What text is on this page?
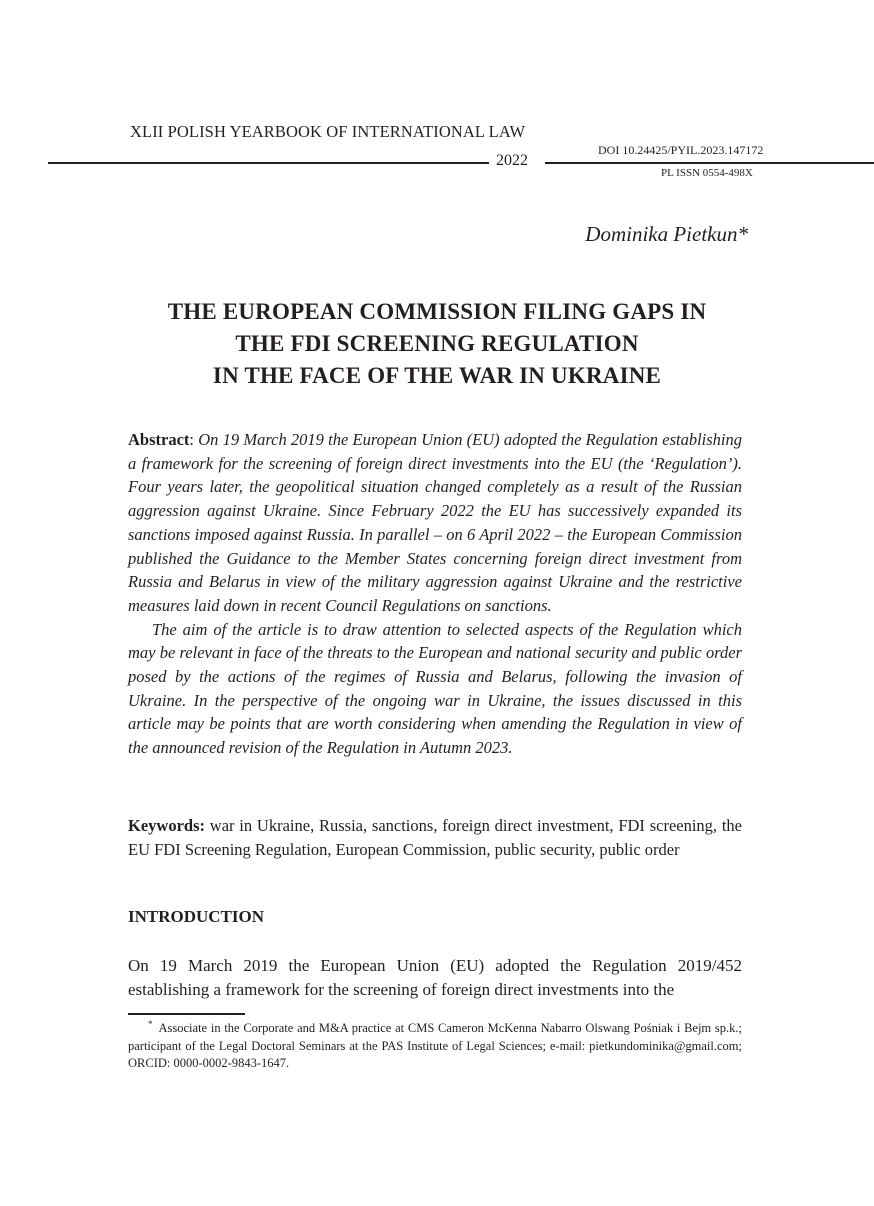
XLII POLISH YEARBOOK OF INTERNATIONAL LAW
2022
DOI 10.24425/PYIL.2023.147172
PL ISSN 0554-498X
Dominika Pietkun*
THE EUROPEAN COMMISSION FILING GAPS IN
THE FDI SCREENING REGULATION
IN THE FACE OF THE WAR IN UKRAINE

Abstract: On 19 March 2019 the European Union (EU) adopted the Regulation establishing a framework for the screening of foreign direct investments into the EU (the ‘Regulation’). Four years later, the geopolitical situation changed completely as a result of the Russian aggression against Ukraine. Since February 2022 the EU has successively expanded its sanctions imposed against Russia. In parallel – on 6 April 2022 – the European Commission published the Guidance to the Member States concerning foreign direct investment from Russia and Belarus in view of the military aggression against Ukraine and the restrictive measures laid down in recent Council Regulations on sanctions.

The aim of the article is to draw attention to selected aspects of the Regulation which may be relevant in face of the threats to the European and national security and public order posed by the actions of the regimes of Russia and Belarus, following the invasion of Ukraine. In the perspective of the ongoing war in Ukraine, the issues discussed in this article may be points that are worth considering when amending the Regulation in view of the announced revision of the Regulation in Autumn 2023.

Keywords: war in Ukraine, Russia, sanctions, foreign direct investment, FDI screening, the EU FDI Screening Regulation, European Commission, public security, public order
INTRODUCTION
On 19 March 2019 the European Union (EU) adopted the Regulation 2019/452 establishing a framework for the screening of foreign direct investments into the
* Associate in the Corporate and M&A practice at CMS Cameron McKenna Nabarro Olswang Pośniak i Bejm sp.k.; participant of the Legal Doctoral Seminars at the PAS Institute of Legal Sciences; e-mail: pietkundominika@gmail.com; ORCID: 0000-0002-9843-1647.
